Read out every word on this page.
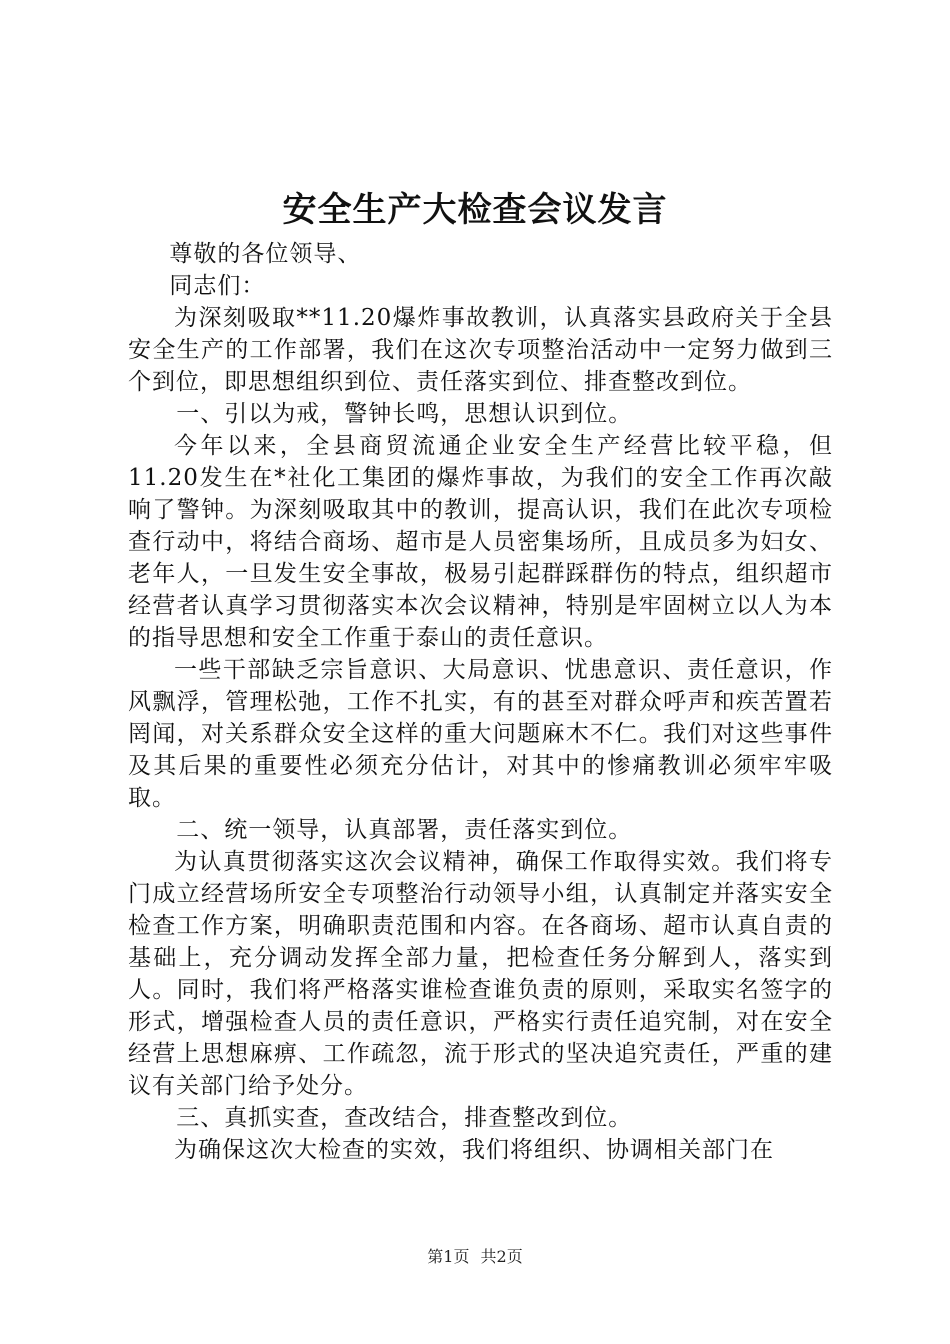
安全生产大检查会议发言

尊敬的各位领导、

同志们：

为深刻吸取**11.20爆炸事故教训，认真落实县政府关于全县安全生产的工作部署，我们在这次专项整治活动中一定努力做到三个到位，即思想组织到位、责任落实到位、排查整改到位。

一、引以为戒，警钟长鸣，思想认识到位。

今年以来，全县商贸流通企业安全生产经营比较平稳，但11.20发生在*社化工集团的爆炸事故，为我们的安全工作再次敲响了警钟。为深刻吸取其中的教训，提高认识，我们在此次专项检查行动中，将结合商场、超市是人员密集场所，且成员多为妇女、老年人，一旦发生安全事故，极易引起群踩群伤的特点，组织超市经营者认真学习贯彻落实本次会议精神，特别是牢固树立以人为本的指导思想和安全工作重于泰山的责任意识。

一些干部缺乏宗旨意识、大局意识、忧患意识、责任意识，作风飘浮，管理松弛，工作不扎实，有的甚至对群众呼声和疾苦置若罔闻，对关系群众安全这样的重大问题麻木不仁。我们对这些事件及其后果的重要性必须充分估计，对其中的惨痛教训必须牢牢吸取。

二、统一领导，认真部署，责任落实到位。

为认真贯彻落实这次会议精神，确保工作取得实效。我们将专门成立经营场所安全专项整治行动领导小组，认真制定并落实安全检查工作方案，明确职责范围和内容。在各商场、超市认真自责的基础上，充分调动发挥全部力量，把检查任务分解到人，落实到人。同时，我们将严格落实谁检查谁负责的原则，采取实名签字的形式，增强检查人员的责任意识，严格实行责任追究制，对在安全经营上思想麻痹、工作疏忽，流于形式的坚决追究责任，严重的建议有关部门给予处分。

三、真抓实查，查改结合，排查整改到位。

为确保这次大检查的实效，我们将组织、协调相关部门在

第1页 共2页
